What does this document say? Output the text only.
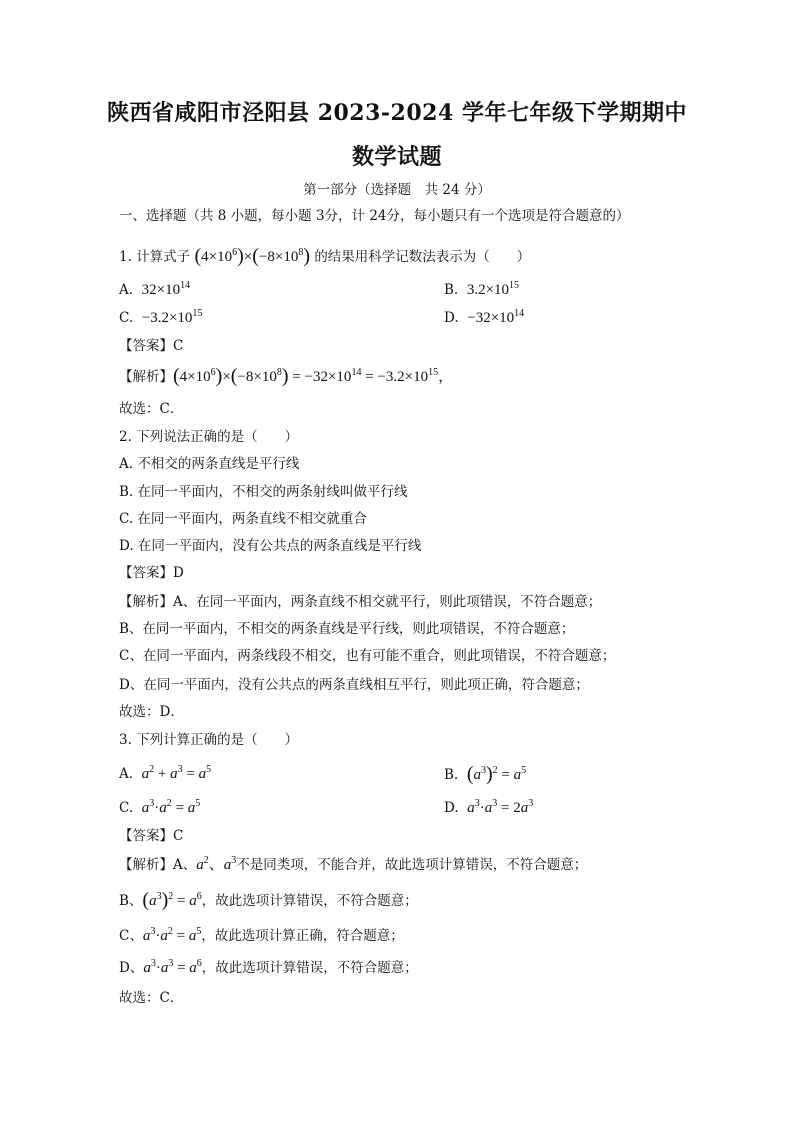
陕西省咸阳市泾阳县 2023-2024 学年七年级下学期期中
数学试题
第一部分（选择题　共 24 分）
一、选择题（共 8 小题，每小题 3分，计 24分，每小题只有一个选项是符合题意的）
1. 计算式子 $(4\times 10^6)\times(-8\times 10^8)$ 的结果用科学记数法表示为（　　）
A. $32\times 10^{14}$	B. $3.2\times 10^{15}$
C. $-3.2\times 10^{15}$	D. $-32\times 10^{14}$
【答案】C
【解析】$(4\times 10^6)\times(-8\times 10^8) = -32\times 10^{14} = -3.2\times 10^{15}$，
故选：C．
2. 下列说法正确的是（　　）
A. 不相交的两条直线是平行线
B. 在同一平面内，不相交的两条射线叫做平行线
C. 在同一平面内，两条直线不相交就重合
D. 在同一平面内，没有公共点的两条直线是平行线
【答案】D
【解析】A、在同一平面内，两条直线不相交就平行，则此项错误，不符合题意；
B、在同一平面内，不相交的两条直线是平行线，则此项错误，不符合题意；
C、在同一平面内，两条线段不相交，也有可能不重合，则此项错误，不符合题意；
D、在同一平面内，没有公共点的两条直线相互平行，则此项正确，符合题意；
故选：D．
3. 下列计算正确的是（　　）
A. $a^2 + a^3 = a^5$	B. $(a^3)^2 = a^5$
C. $a^3\cdot a^2 = a^5$	D. $a^3\cdot a^3 = 2a^3$
【答案】C
【解析】A、$a^2$、$a^3$不是同类项，不能合并，故此选项计算错误，不符合题意；
B、$(a^3)^2 = a^6$，故此选项计算错误，不符合题意；
C、$a^3\cdot a^2 = a^5$，故此选项计算正确，符合题意；
D、$a^3\cdot a^3 = a^6$，故此选项计算错误，不符合题意；
故选：C．
